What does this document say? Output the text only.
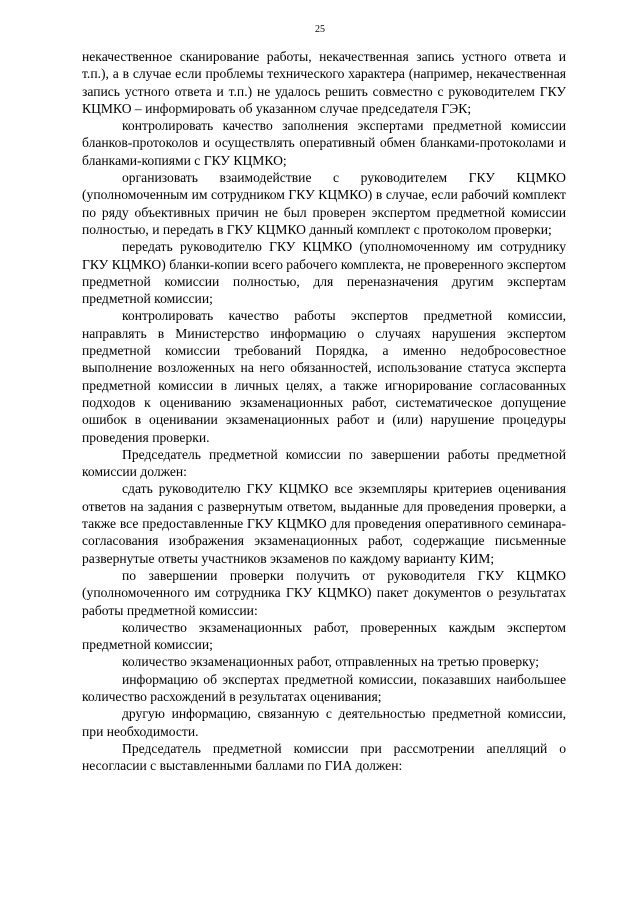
25

некачественное сканирование работы, некачественная запись устного ответа и т.п.), а в случае если проблемы технического характера (например, некачественная запись устного ответа и т.п.) не удалось решить совместно с руководителем ГКУ КЦМКО – информировать об указанном случае председателя ГЭК;

контролировать качество заполнения экспертами предметной комиссии бланков-протоколов и осуществлять оперативный обмен бланками-протоколами и бланками-копиями с ГКУ КЦМКО;

организовать взаимодействие с руководителем ГКУ КЦМКО (уполномоченным им сотрудником ГКУ КЦМКО) в случае, если рабочий комплект по ряду объективных причин не был проверен экспертом предметной комиссии полностью, и передать в ГКУ КЦМКО данный комплект с протоколом проверки;

передать руководителю ГКУ КЦМКО (уполномоченному им сотруднику ГКУ КЦМКО) бланки-копии всего рабочего комплекта, не проверенного экспертом предметной комиссии полностью, для переназначения другим экспертам предметной комиссии;

контролировать качество работы экспертов предметной комиссии, направлять в Министерство информацию о случаях нарушения экспертом предметной комиссии требований Порядка, а именно недобросовестное выполнение возложенных на него обязанностей, использование статуса эксперта предметной комиссии в личных целях, а также игнорирование согласованных подходов к оцениванию экзаменационных работ, систематическое допущение ошибок в оценивании экзаменационных работ и (или) нарушение процедуры проведения проверки.

Председатель предметной комиссии по завершении работы предметной комиссии должен:

сдать руководителю ГКУ КЦМКО все экземпляры критериев оценивания ответов на задания с развернутым ответом, выданные для проведения проверки, а также все предоставленные ГКУ КЦМКО для проведения оперативного семинара-согласования изображения экзаменационных работ, содержащие письменные развернутые ответы участников экзаменов по каждому варианту КИМ;

по завершении проверки получить от руководителя ГКУ КЦМКО (уполномоченного им сотрудника ГКУ КЦМКО) пакет документов о результатах работы предметной комиссии:

количество экзаменационных работ, проверенных каждым экспертом предметной комиссии;

количество экзаменационных работ, отправленных на третью проверку;

информацию об экспертах предметной комиссии, показавших наибольшее количество расхождений в результатах оценивания;

другую информацию, связанную с деятельностью предметной комиссии, при необходимости.

Председатель предметной комиссии при рассмотрении апелляций о несогласии с выставленными баллами по ГИА должен:
